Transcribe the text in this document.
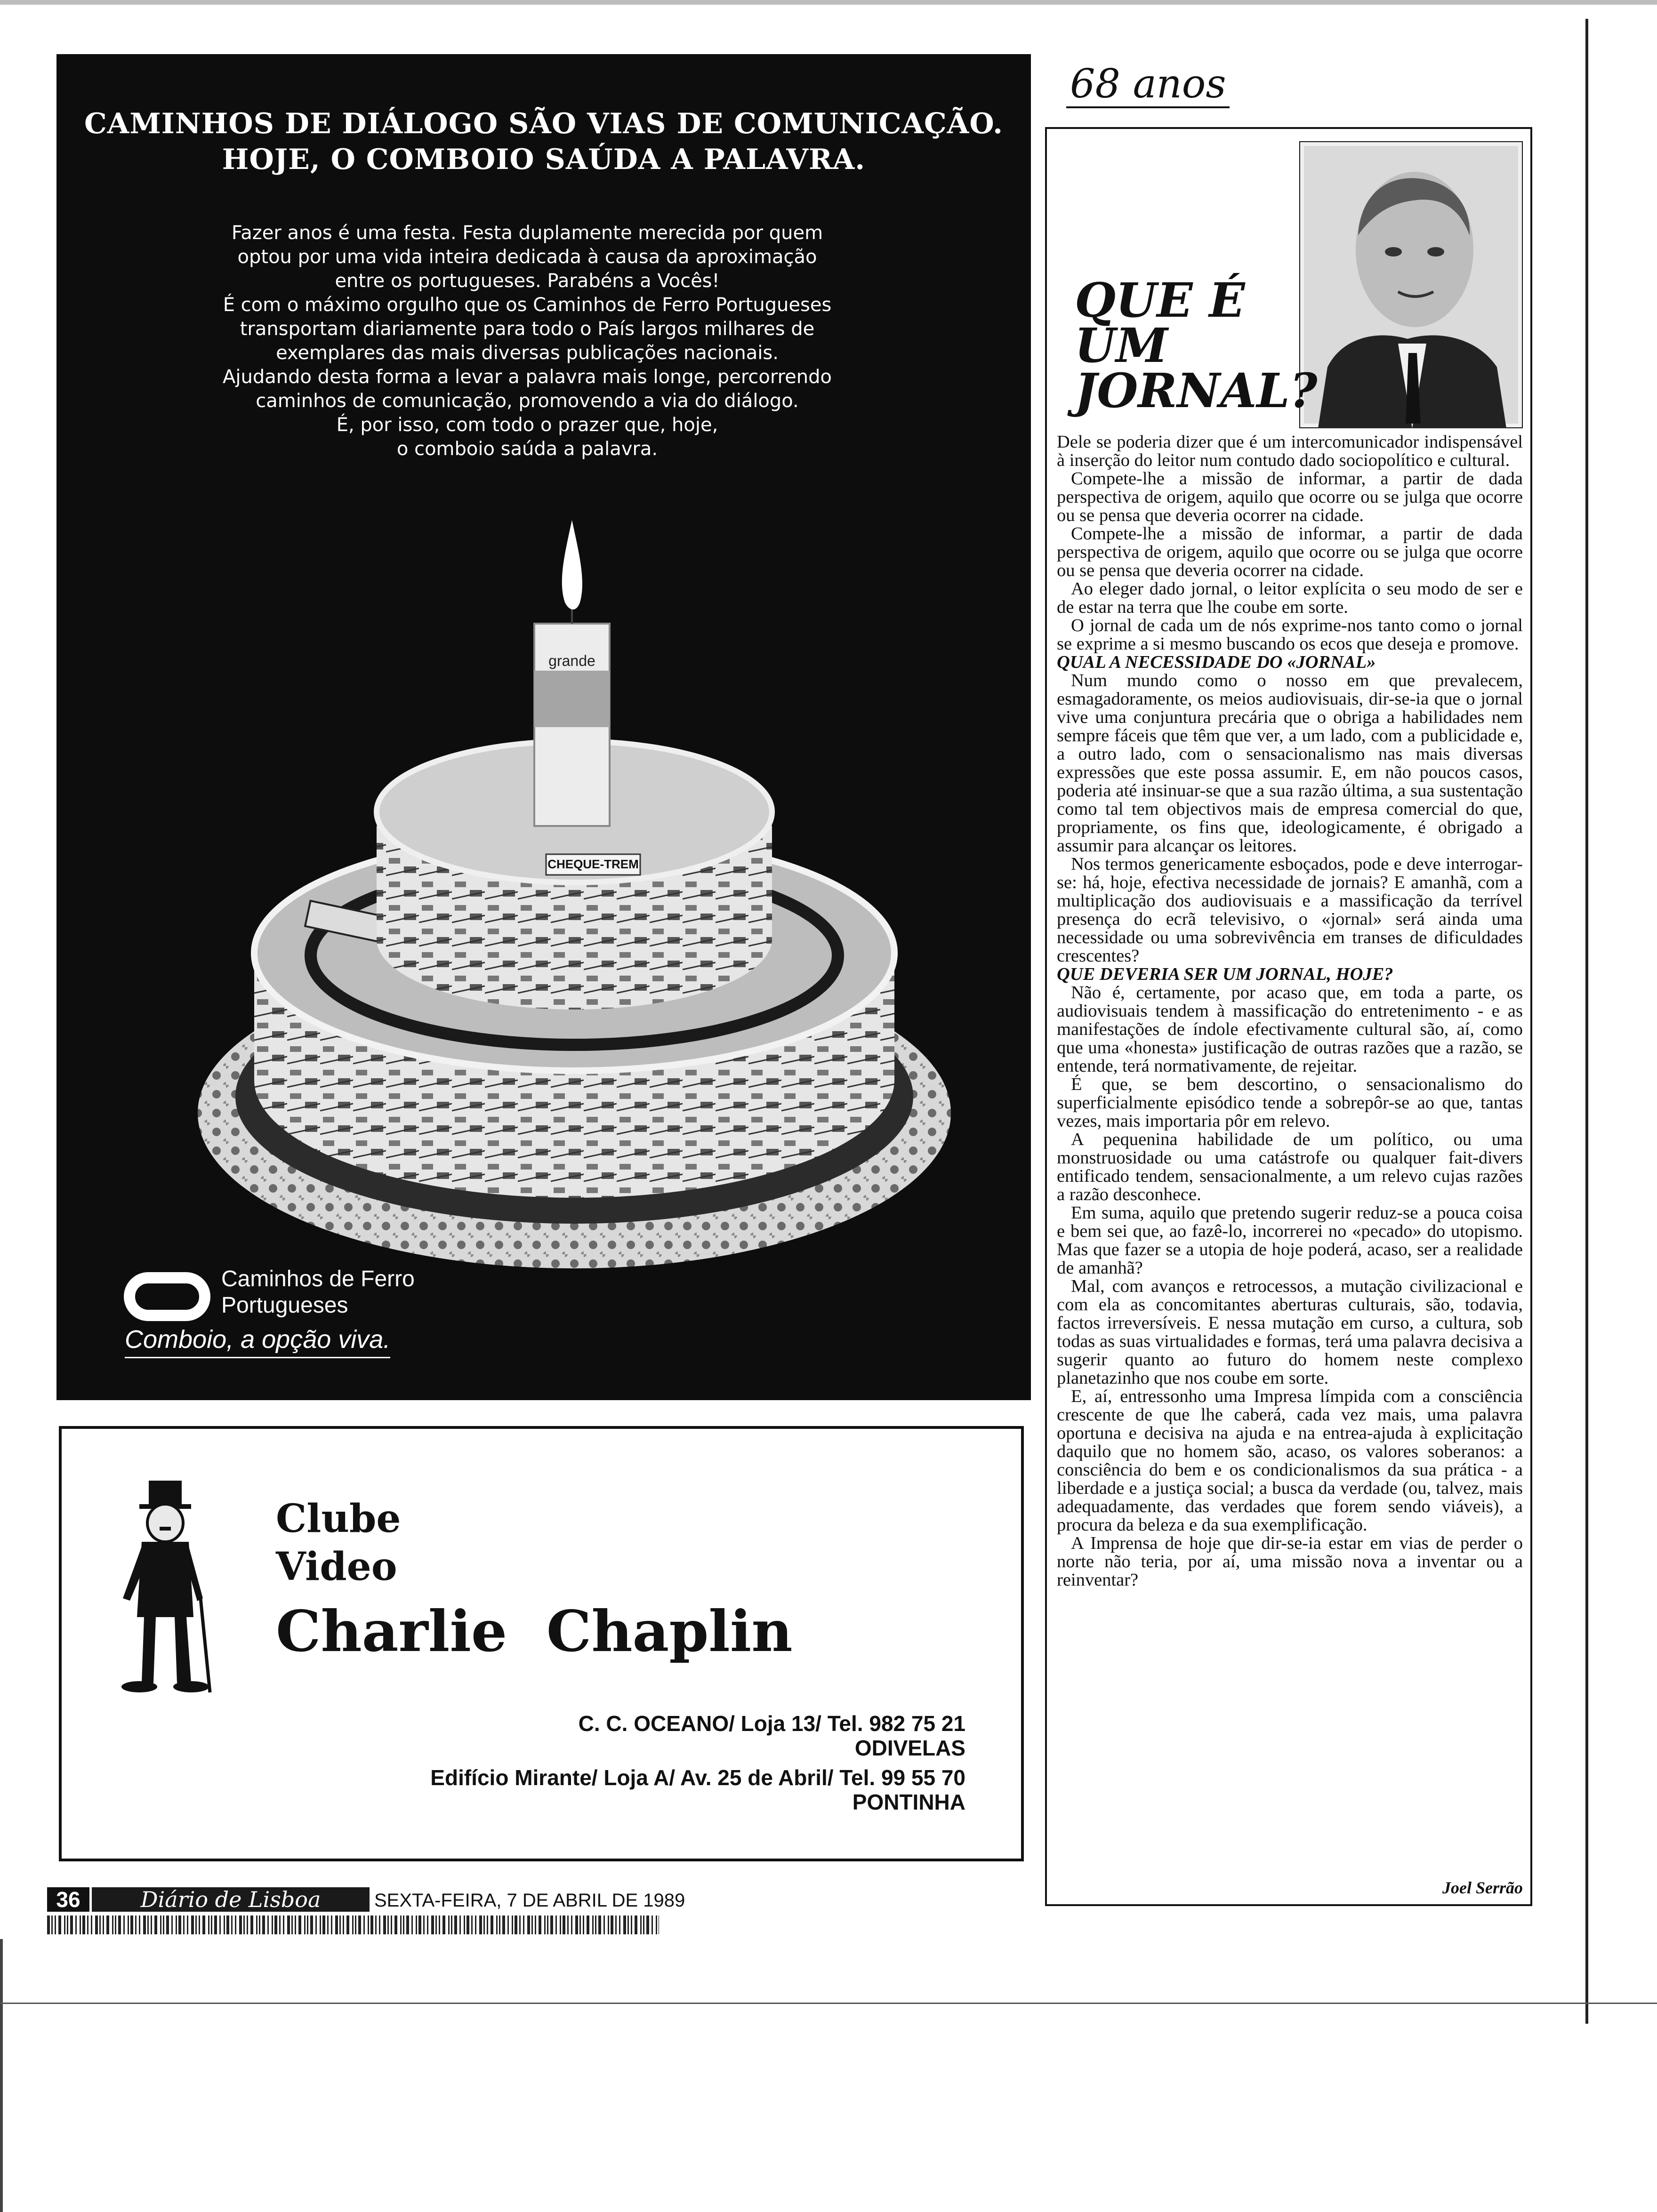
CAMINHOS DE DIÁLOGO SÃO VIAS DE COMUNICAÇÃO.
HOJE, O COMBOIO SAÚDA A PALAVRA.

Fazer anos é uma festa. Festa duplamente merecida por quem

optou por uma vida inteira dedicada à causa da aproximação

entre os portugueses. Parabéns a Vocês!

É com o máximo orgulho que os Caminhos de Ferro Portugueses

transportam diariamente para todo o País largos milhares de

exemplares das mais diversas publicações nacionais.

Ajudando desta forma a levar a palavra mais longe, percorrendo

caminhos de comunicação, promovendo a via do diálogo.

É, por isso, com todo o prazer que, hoje,

o comboio saúda a palavra.

CHEQUE-TREM
grande
Caminhos de Ferro
Portugueses
Comboio, a opção viva.
Clube
Video
Charlie  Chaplin
C. C. OCEANO/ Loja 13/ Tel. 982 75 21
ODIVELAS
Edifício Mirante/ Loja A/ Av. 25 de Abril/ Tel. 99 55 70
PONTINHA
36	Diário de Lisboa	SEXTA-FEIRA, 7 DE ABRIL DE 1989
68 anos
QUE É
UM
JORNAL?

Dele se poderia dizer que é um intercomunicador indispensável à inserção do leitor num contudo dado sociopolítico e cultural.

Compete-lhe a missão de informar, a partir de dada perspectiva de origem, aquilo que ocorre ou se julga que ocorre ou se pensa que deveria ocorrer na cidade.

Compete-lhe a missão de informar, a partir de dada perspectiva de origem, aquilo que ocorre ou se julga que ocorre ou se pensa que deveria ocorrer na cidade.

Ao eleger dado jornal, o leitor explícita o seu modo de ser e de estar na terra que lhe coube em sorte.

O jornal de cada um de nós exprime-nos tanto como o jornal se exprime a si mesmo buscando os ecos que deseja e promove.

QUAL A NECESSIDADE DO «JORNAL»

Num mundo como o nosso em que prevalecem, esmagadoramente, os meios audiovisuais, dir-se-ia que o jornal vive uma conjuntura precária que o obriga a habilidades nem sempre fáceis que têm que ver, a um lado, com a publicidade e, a outro lado, com o sensacionalismo nas mais diversas expressões que este possa assumir. E, em não poucos casos, poderia até insinuar-se que a sua razão última, a sua sustentação como tal tem objectivos mais de empresa comercial do que, propriamente, os fins que, ideologicamente, é obrigado a assumir para alcançar os leitores.

Nos termos genericamente esboçados, pode e deve interrogar-se: há, hoje, efectiva necessidade de jornais? E amanhã, com a multiplicação dos audiovisuais e a massificação da terrível presença do ecrã televisivo, o «jornal» será ainda uma necessidade ou uma sobrevivência em transes de dificuldades crescentes?

QUE DEVERIA SER UM JORNAL, HOJE?

Não é, certamente, por acaso que, em toda a parte, os audiovisuais tendem à massificação do entretenimento - e as manifestações de índole efectivamente cultural são, aí, como que uma «honesta» justificação de outras razões que a razão, se entende, terá normativamente, de rejeitar.

É que, se bem descortino, o sensacionalismo do superficialmente episódico tende a sobrepôr-se ao que, tantas vezes, mais importaria pôr em relevo.

A pequenina habilidade de um político, ou uma monstruosidade ou uma catástrofe ou qualquer fait-divers entificado tendem, sensacionalmente, a um relevo cujas razões a razão desconhece.

Em suma, aquilo que pretendo sugerir reduz-se a pouca coisa e bem sei que, ao fazê-lo, incorrerei no «pecado» do utopismo. Mas que fazer se a utopia de hoje poderá, acaso, ser a realidade de amanhã?

Mal, com avanços e retrocessos, a mutação civilizacional e com ela as concomitantes aberturas culturais, são, todavia, factos irreversíveis. E nessa mutação em curso, a cultura, sob todas as suas virtualidades e formas, terá uma palavra decisiva a sugerir quanto ao futuro do homem neste complexo planetazinho que nos coube em sorte.

E, aí, entressonho uma Impresa límpida com a consciência crescente de que lhe caberá, cada vez mais, uma palavra oportuna e decisiva na ajuda e na entrea-ajuda à explicitação daquilo que no homem são, acaso, os valores soberanos: a consciência do bem e os condicionalismos da sua prática - a liberdade e a justiça social; a busca da verdade (ou, talvez, mais adequadamente, das verdades que forem sendo viáveis), a procura da beleza e da sua exemplificação.

A Imprensa de hoje que dir-se-ia estar em vias de perder o norte não teria, por aí, uma missão nova a inventar ou a reinventar?

Joel Serrão
